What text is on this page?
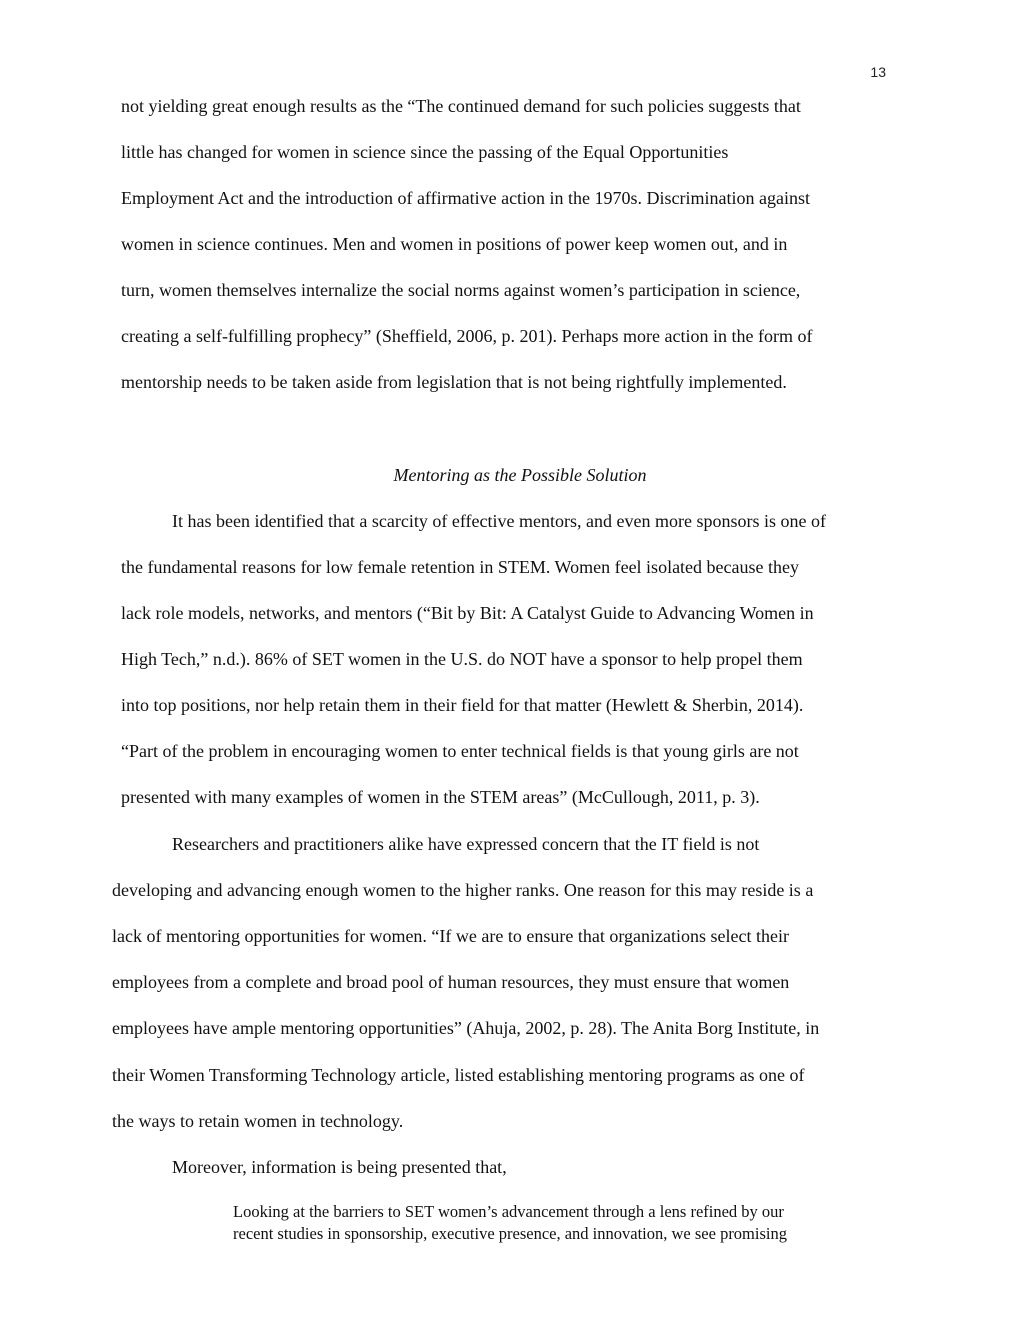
13
not yielding great enough results as the “The continued demand for such policies suggests that
little has changed for women in science since the passing of the Equal Opportunities
Employment Act and the introduction of affirmative action in the 1970s. Discrimination against
women in science continues. Men and women in positions of power keep women out, and in
turn, women themselves internalize the social norms against women’s participation in science,
creating a self-fulfilling prophecy” (Sheffield, 2006, p. 201). Perhaps more action in the form of
mentorship needs to be taken aside from legislation that is not being rightfully implemented.
Mentoring as the Possible Solution
It has been identified that a scarcity of effective mentors, and even more sponsors is one of
the fundamental reasons for low female retention in STEM. Women feel isolated because they
lack role models, networks, and mentors (“Bit by Bit: A Catalyst Guide to Advancing Women in
High Tech,” n.d.). 86% of SET women in the U.S. do NOT have a sponsor to help propel them
into top positions, nor help retain them in their field for that matter (Hewlett & Sherbin, 2014).
“Part of the problem in encouraging women to enter technical fields is that young girls are not
presented with many examples of women in the STEM areas” (McCullough, 2011, p. 3).
Researchers and practitioners alike have expressed concern that the IT field is not
developing and advancing enough women to the higher ranks. One reason for this may reside is a
lack of mentoring opportunities for women. “If we are to ensure that organizations select their
employees from a complete and broad pool of human resources, they must ensure that women
employees have ample mentoring opportunities” (Ahuja, 2002, p. 28). The Anita Borg Institute, in
their Women Transforming Technology article, listed establishing mentoring programs as one of
the ways to retain women in technology.
Moreover, information is being presented that,
Looking at the barriers to SET women’s advancement through a lens refined by our
recent studies in sponsorship, executive presence, and innovation, we see promising
